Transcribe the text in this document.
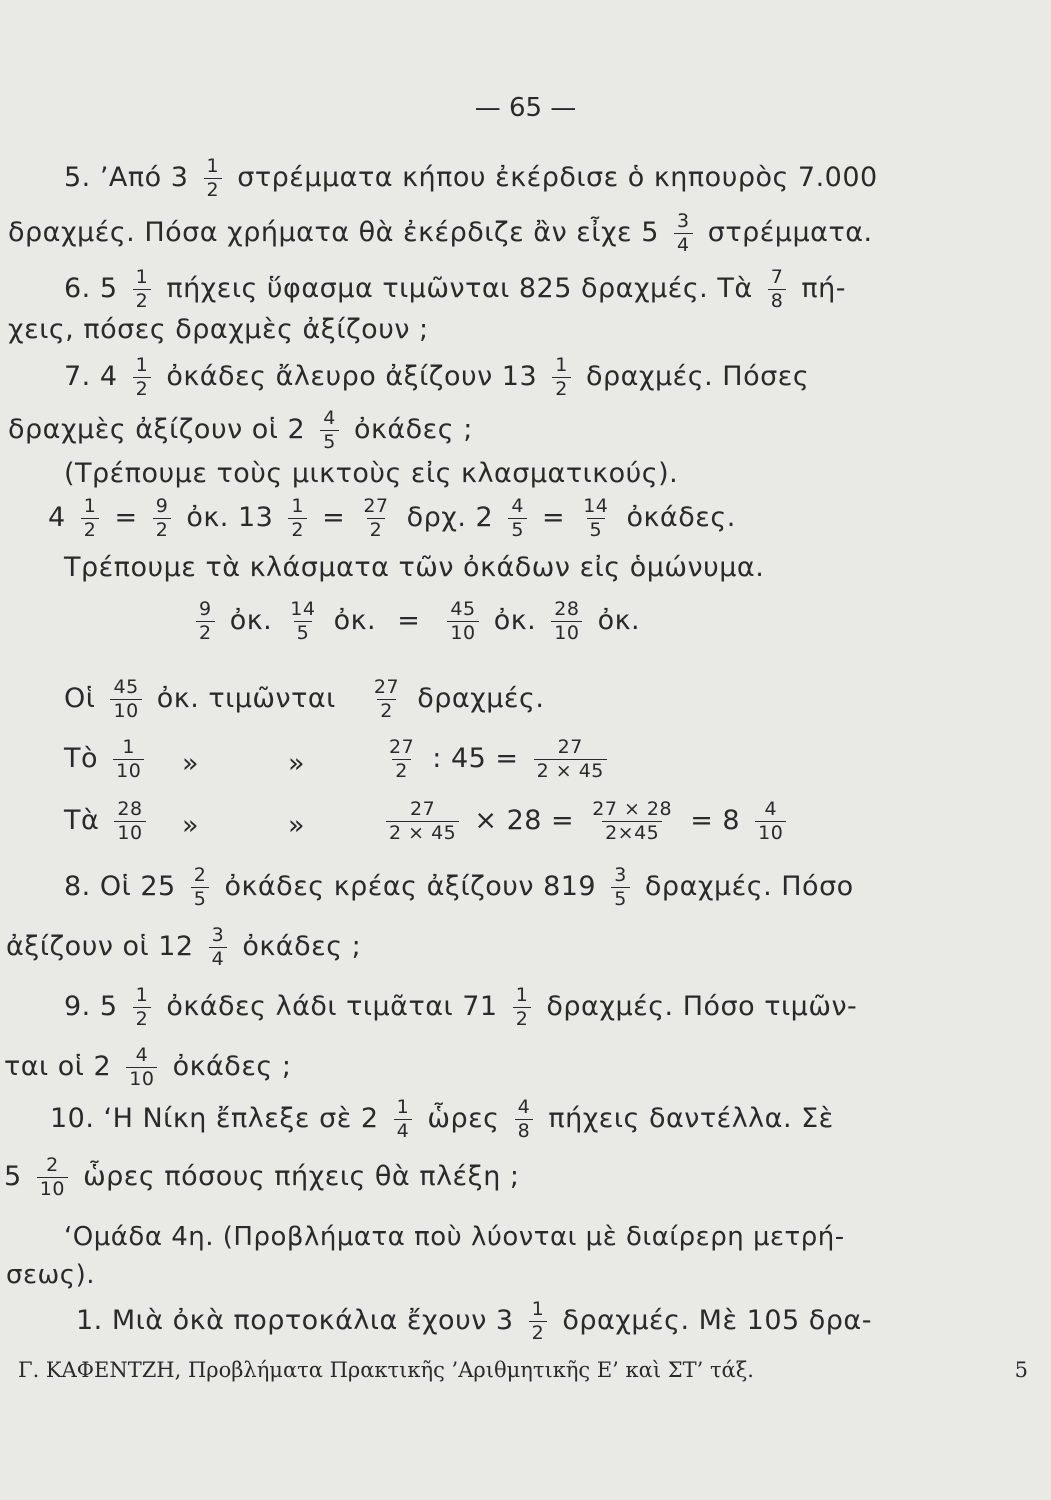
— 65 —
5. ’Από $3 \frac{1}{2}$ στρέμματα κήπου ἐκέρδισε ὁ κηπουρὸς 7.000
δραχμές. Πόσα χρήματα θὰ ἐκέρδιζε ἂν εἶχε $5 \frac{3}{4} \sigma\tau\rho έ\mu\mu\alpha\tau\alpha$.
6. $5 \frac{1}{2}$ πήχεις ὕφασμα τιμῶνται 825 δραχμές. Τὰ $\frac{7}{8} \pi ή-$
χεις, πόσες δραχμὲς ἀξίζουν ;
7. $4 \frac{1}{2}$ ὀκάδες ἄλευρο ἀξίζουν $13 \frac{1}{2} \delta\rho\alpha\chi\mu έ\varsigma$. Πόσες
δραχμὲς ἀξίζουν οἱ $2 \frac{4}{5}$ ὀκάδες ;
(Τρέπουμε τοὺς μικτοὺς εἰς κλασματικούς).
$4 \frac{1}{2} = \frac{9}{2}$ ὀκ. $13 \frac{1}{2} = \frac{27}{2} \delta\rho\chi$. $2 \frac{4}{5} = \frac{14}{5}$ ὀκάδες.
Τρέπουμε τὰ κλάσματα τῶν ὀκάδων εἰς ὁμώνυμα.
$\frac{9}{2}$ ὀκ. $\frac{14}{5}$ ὀκ. = $\frac{45}{10}$ ὀκ. $\frac{28}{10}$ ὀκ.
Οἱ $\frac{45}{10}$ ὀκ. τιμῶνται $\frac{27}{2} \delta\rho\alpha\chi\mu έ\varsigma$.
Τὸ $\frac{1}{10}$ »	»	$\frac{27}{2}$ : $45 = \frac{27}{2 \times 45}$
Τὰ $\frac{28}{10}$ »	»	$\frac{27}{2 \times 45} \times 28 = \frac{27 \times 28}{2\times 45} = 8 \frac{4}{10}$
8. Οἱ $25 \frac{2}{5}$ ὀκάδες κρέας ἀξίζουν $819 \frac{3}{5} \delta\rho\alpha\chi\mu έ\varsigma$. Πόσο
ἀξίζουν οἱ $12 \frac{3}{4}$ ὀκάδες ;
9. $5 \frac{1}{2}$ ὀκάδες λάδι τιμᾶται $71 \frac{1}{2} \delta\rho\alpha\chi\mu έ\varsigma$. Πόσο τιμῶν-
ται οἱ $2 \frac{4}{10}$ ὀκάδες ;
10. ‘Η Νίκη ἔπλεξε σὲ $2 \frac{1}{4}$ ὧρες $\frac{4}{8}$ πήχεις δαντέλλα. Σὲ
$5 \frac{2}{10}$ ὧρες πόσους πήχεις θὰ πλέξη ;
‘Ομάδα 4η. (Προβλήματα ποὺ λύονται μὲ διαίρερη μετρή-
σεως).
1. Μιὰ ὀκὰ πορτοκάλια ἔχουν $3 \frac{1}{2} \delta\rho\alpha\chi\mu έ\varsigma$. Μὲ 105 δρα-
Γ. ΚΑΦΕΝΤΖΗ, Προβλήματα Πρακτικῆς ’Αριθμητικῆς Ε’ καὶ ΣΤ’ τάξ.	5
